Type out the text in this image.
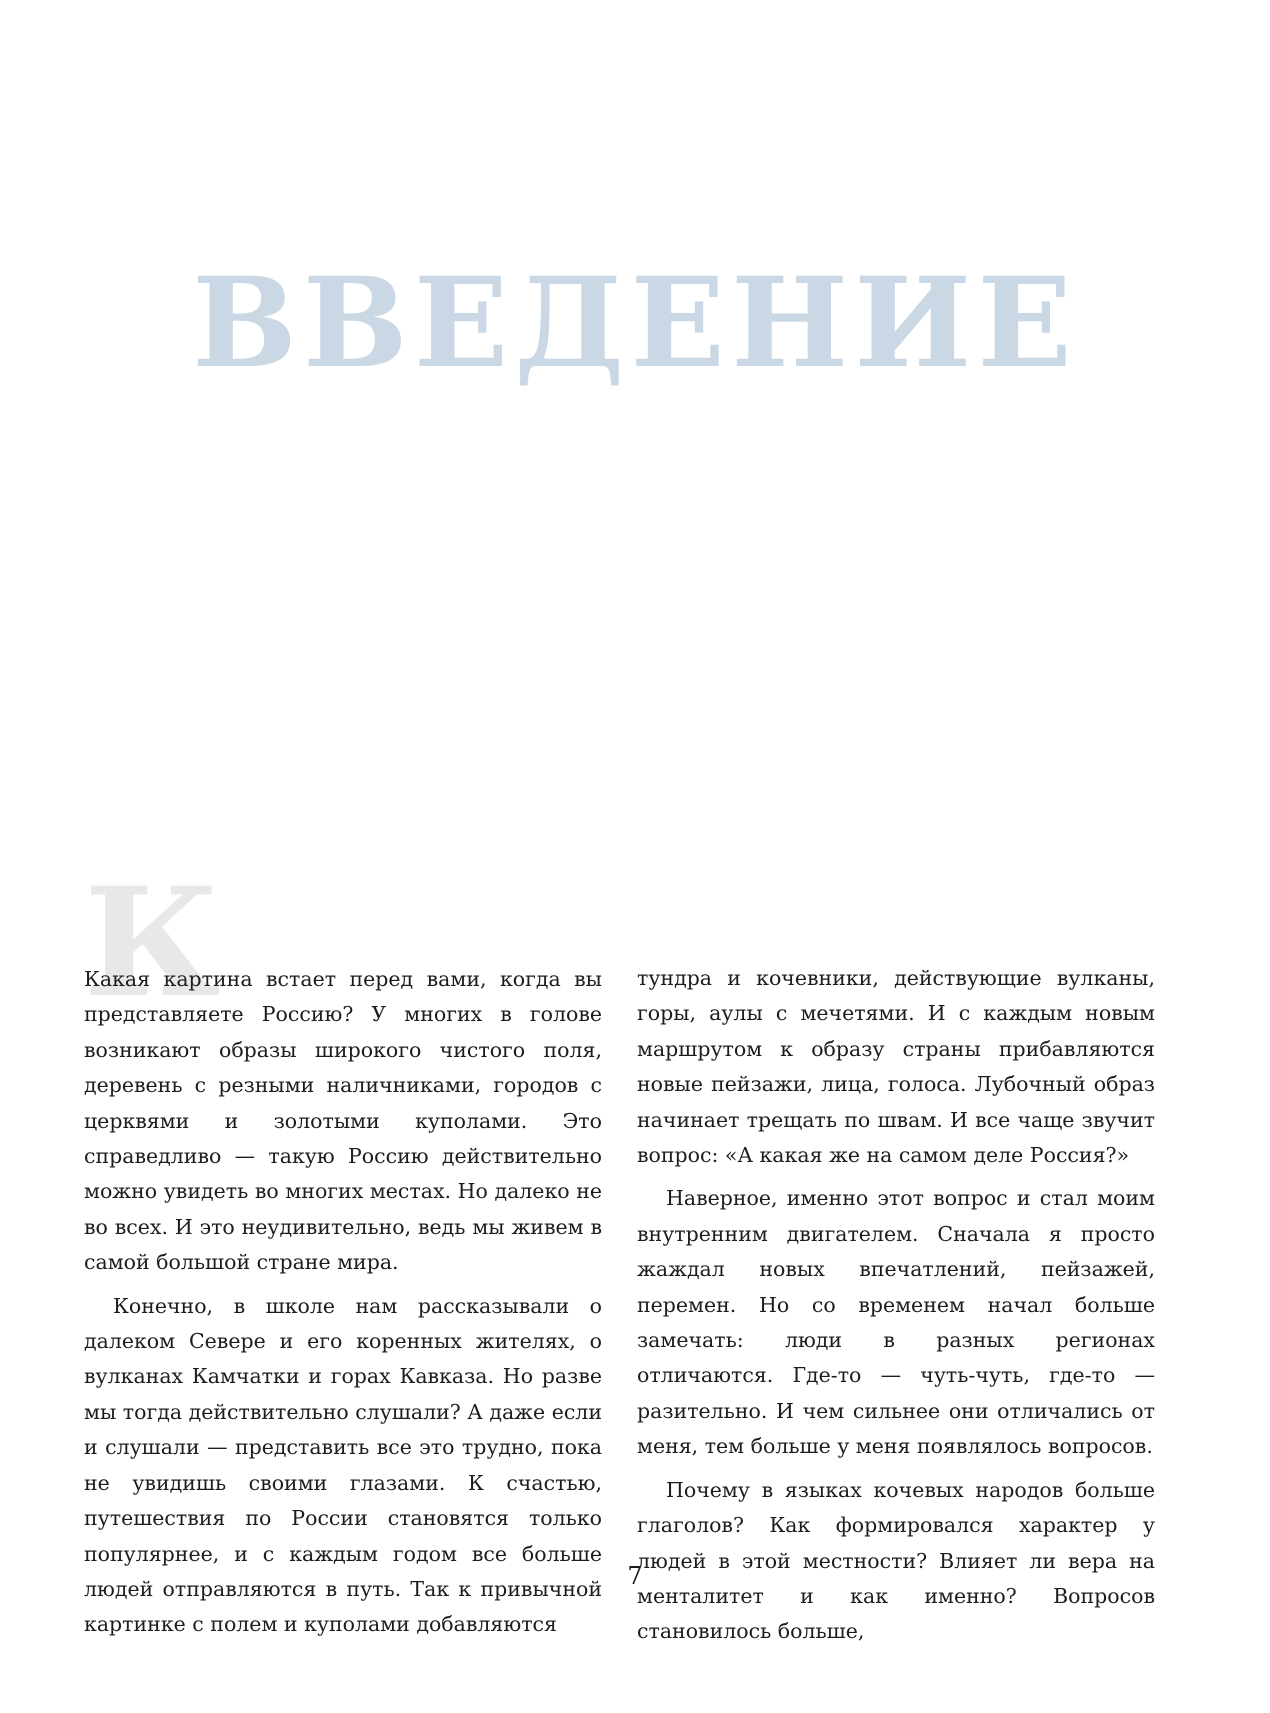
ВВЕДЕНИЕ
К

Какая картина встает перед вами, когда вы представляете Россию? У многих в голове возникают образы широкого чистого поля, деревень с резными наличниками, городов с церквями и золотыми куполами. Это справедливо — такую Россию действительно можно увидеть во многих местах. Но далеко не во всех. И это неудивительно, ведь мы живем в самой большой стране мира.

Конечно, в школе нам рассказывали о далеком Севере и его коренных жителях, о вулканах Камчатки и горах Кавказа. Но разве мы тогда действительно слушали? А даже если и слушали — представить все это трудно, пока не увидишь своими глазами. К счастью, путешествия по России становятся только популярнее, и с каждым годом все больше людей отправляются в путь. Так к привычной картинке с полем и куполами добавляются

тундра и кочевники, действующие вулканы, горы, аулы с мечетями. И с каждым новым маршрутом к образу страны прибавляются новые пейзажи, лица, голоса. Лубочный образ начинает трещать по швам. И все чаще звучит вопрос: «А какая же на самом деле Россия?»

Наверное, именно этот вопрос и стал моим внутренним двигателем. Сначала я просто жаждал новых впечатлений, пейзажей, перемен. Но со временем начал больше замечать: люди в разных регионах отличаются. Где-то — чуть-чуть, где-то — разительно. И чем сильнее они отличались от меня, тем больше у меня появлялось вопросов.

Почему в языках кочевых народов больше глаголов? Как формировался характер у людей в этой местности? Влияет ли вера на менталитет и как именно? Вопросов становилось больше,

7
